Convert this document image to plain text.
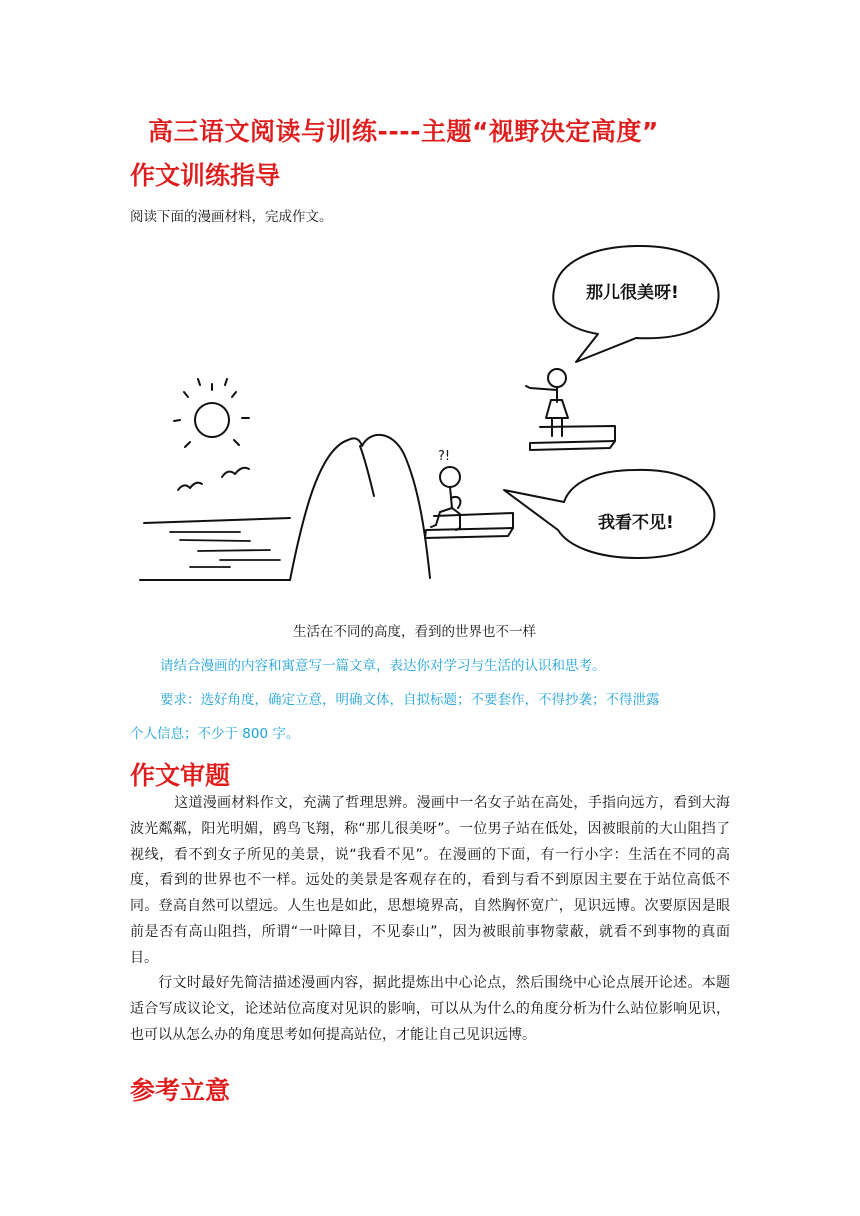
高三语文阅读与训练----主题“视野决定高度”
作文训练指导
阅读下面的漫画材料，完成作文。
?!
那儿很美呀!
我看不见!
生活在不同的高度，看到的世界也不一样
请结合漫画的内容和寓意写一篇文章，表达你对学习与生活的认识和思考。
要求：选好角度，确定立意，明确文体，自拟标题；不要套作，不得抄袭；不得泄露
个人信息；不少于 800 字。
作文审题
这道漫画材料作文，充满了哲理思辨。漫画中一名女子站在高处，手指向远方，看到大海波光粼粼，阳光明媚，鸥鸟飞翔，称“那儿很美呀”。一位男子站在低处，因被眼前的大山阻挡了视线，看不到女子所见的美景，说“我看不见”。在漫画的下面，有一行小字：生活在不同的高度，看到的世界也不一样。远处的美景是客观存在的，看到与看不到原因主要在于站位高低不同。登高自然可以望远。人生也是如此，思想境界高，自然胸怀宽广，见识远博。次要原因是眼前是否有高山阻挡，所谓“一叶障目，不见泰山”，因为被眼前事物蒙蔽，就看不到事物的真面目。
行文时最好先简洁描述漫画内容，据此提炼出中心论点，然后围绕中心论点展开论述。本题适合写成议论文，论述站位高度对见识的影响，可以从为什么的角度分析为什么站位影响见识，也可以从怎么办的角度思考如何提高站位，才能让自己见识远博。
参考立意
